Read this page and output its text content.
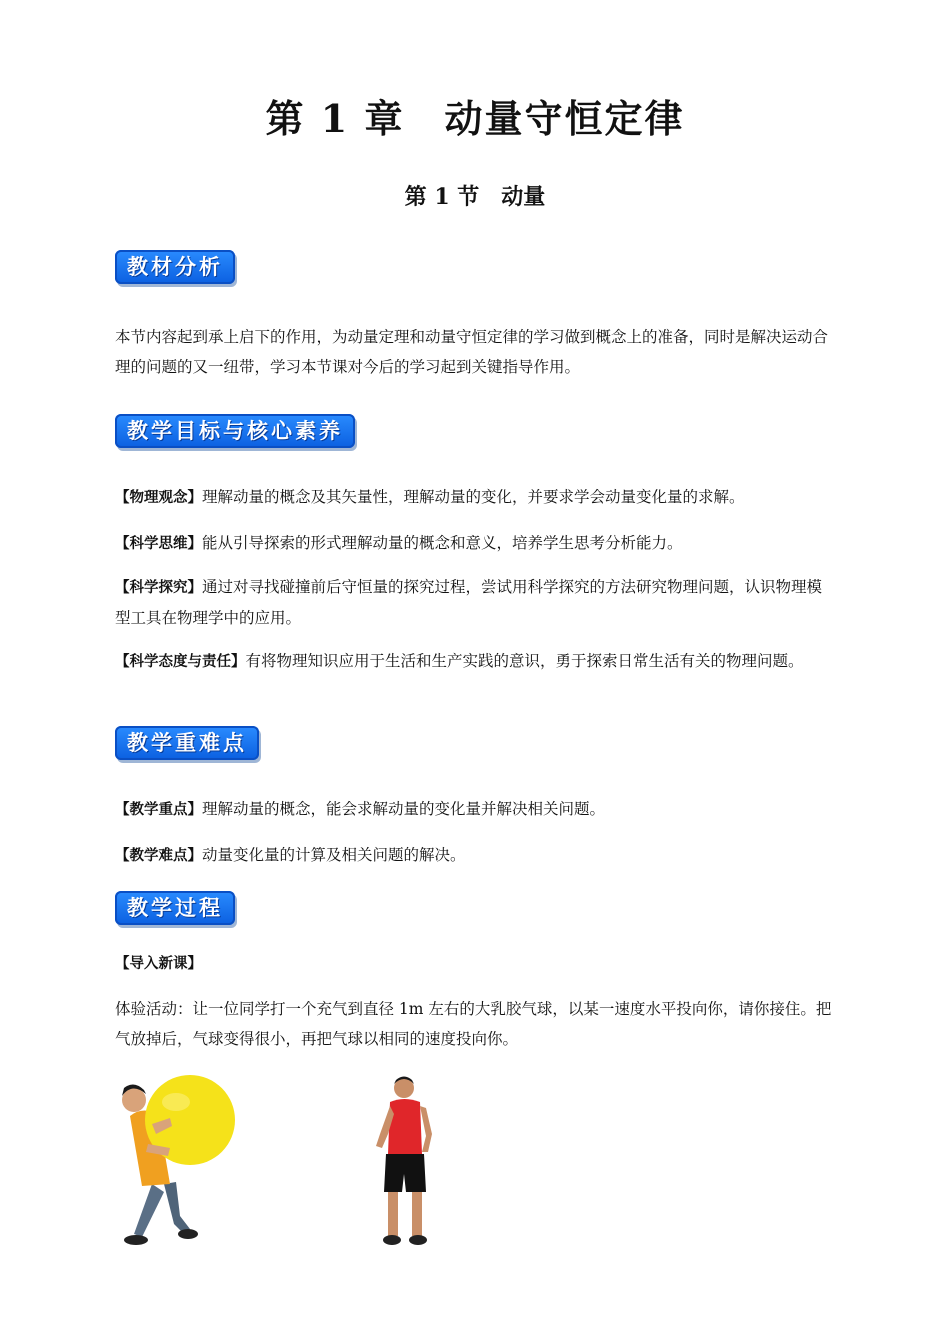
第 1 章　动量守恒定律
第 1 节　动量
教材分析
本节内容起到承上启下的作用，为动量定理和动量守恒定律的学习做到概念上的准备，同时是解决运动合理的问题的又一纽带，学习本节课对今后的学习起到关键指导作用。
教学目标与核心素养
【物理观念】理解动量的概念及其矢量性，理解动量的变化，并要求学会动量变化量的求解。
【科学思维】能从引导探索的形式理解动量的概念和意义，培养学生思考分析能力。
【科学探究】通过对寻找碰撞前后守恒量的探究过程，尝试用科学探究的方法研究物理问题，认识物理模型工具在物理学中的应用。
【科学态度与责任】有将物理知识应用于生活和生产实践的意识，勇于探索日常生活有关的物理问题。
教学重难点
【教学重点】理解动量的概念，能会求解动量的变化量并解决相关问题。
【教学难点】动量变化量的计算及相关问题的解决。
教学过程
【导入新课】
体验活动：让一位同学打一个充气到直径 1m 左右的大乳胶气球，以某一速度水平投向你，请你接住。把气放掉后，气球变得很小，再把气球以相同的速度投向你。
